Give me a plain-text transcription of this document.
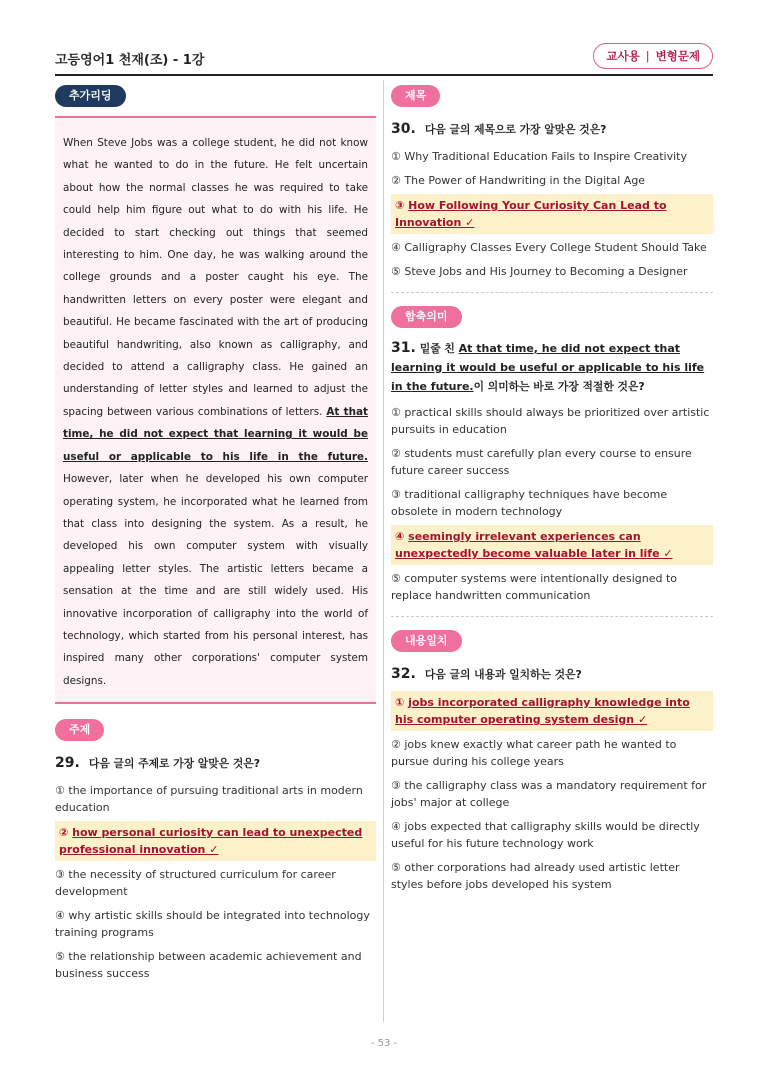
고등영어1 천재(조) - 1강	교사용 | 변형문제
추가리딩

When Steve Jobs was a college student, he did not know what he wanted to do in the future. He felt uncertain about how the normal classes he was required to take could help him figure out what to do with his life. He decided to start checking out things that seemed interesting to him. One day, he was walking around the college grounds and a poster caught his eye. The handwritten letters on every poster were elegant and beautiful. He became fascinated with the art of producing beautiful handwriting, also known as calligraphy, and decided to attend a calligraphy class. He gained an understanding of letter styles and learned to adjust the spacing between various combinations of letters. At that time, he did not expect that learning it would be useful or applicable to his life in the future. However, later when he developed his own computer operating system, he incorporated what he learned from that class into designing the system. As a result, he developed his own computer system with visually appealing letter styles. The artistic letters became a sensation at the time and are still widely used. His innovative incorporation of calligraphy into the world of technology, which started from his personal interest, has inspired many other corporations' computer system designs.

주제
29. 다음 글의 주제로 가장 알맞은 것은?
① the importance of pursuing traditional arts in modern education
② how personal curiosity can lead to unexpected professional innovation ✓
③ the necessity of structured curriculum for career development
④ why artistic skills should be integrated into technology training programs
⑤ the relationship between academic achievement and business success
제목
30. 다음 글의 제목으로 가장 알맞은 것은?
① Why Traditional Education Fails to Inspire Creativity
② The Power of Handwriting in the Digital Age
③ How Following Your Curiosity Can Lead to Innovation ✓
④ Calligraphy Classes Every College Student Should Take
⑤ Steve Jobs and His Journey to Becoming a Designer
함축의미
31. 밑줄 친 At that time, he did not expect that learning it would be useful or applicable to his life in the future.이 의미하는 바로 가장 적절한 것은?
① practical skills should always be prioritized over artistic pursuits in education
② students must carefully plan every course to ensure future career success
③ traditional calligraphy techniques have become obsolete in modern technology
④ seemingly irrelevant experiences can unexpectedly become valuable later in life ✓
⑤ computer systems were intentionally designed to replace handwritten communication
내용일치
32. 다음 글의 내용과 일치하는 것은?
① jobs incorporated calligraphy knowledge into his computer operating system design ✓
② jobs knew exactly what career path he wanted to pursue during his college years
③ the calligraphy class was a mandatory requirement for jobs' major at college
④ jobs expected that calligraphy skills would be directly useful for his future technology work
⑤ other corporations had already used artistic letter styles before jobs developed his system
- 53 -
